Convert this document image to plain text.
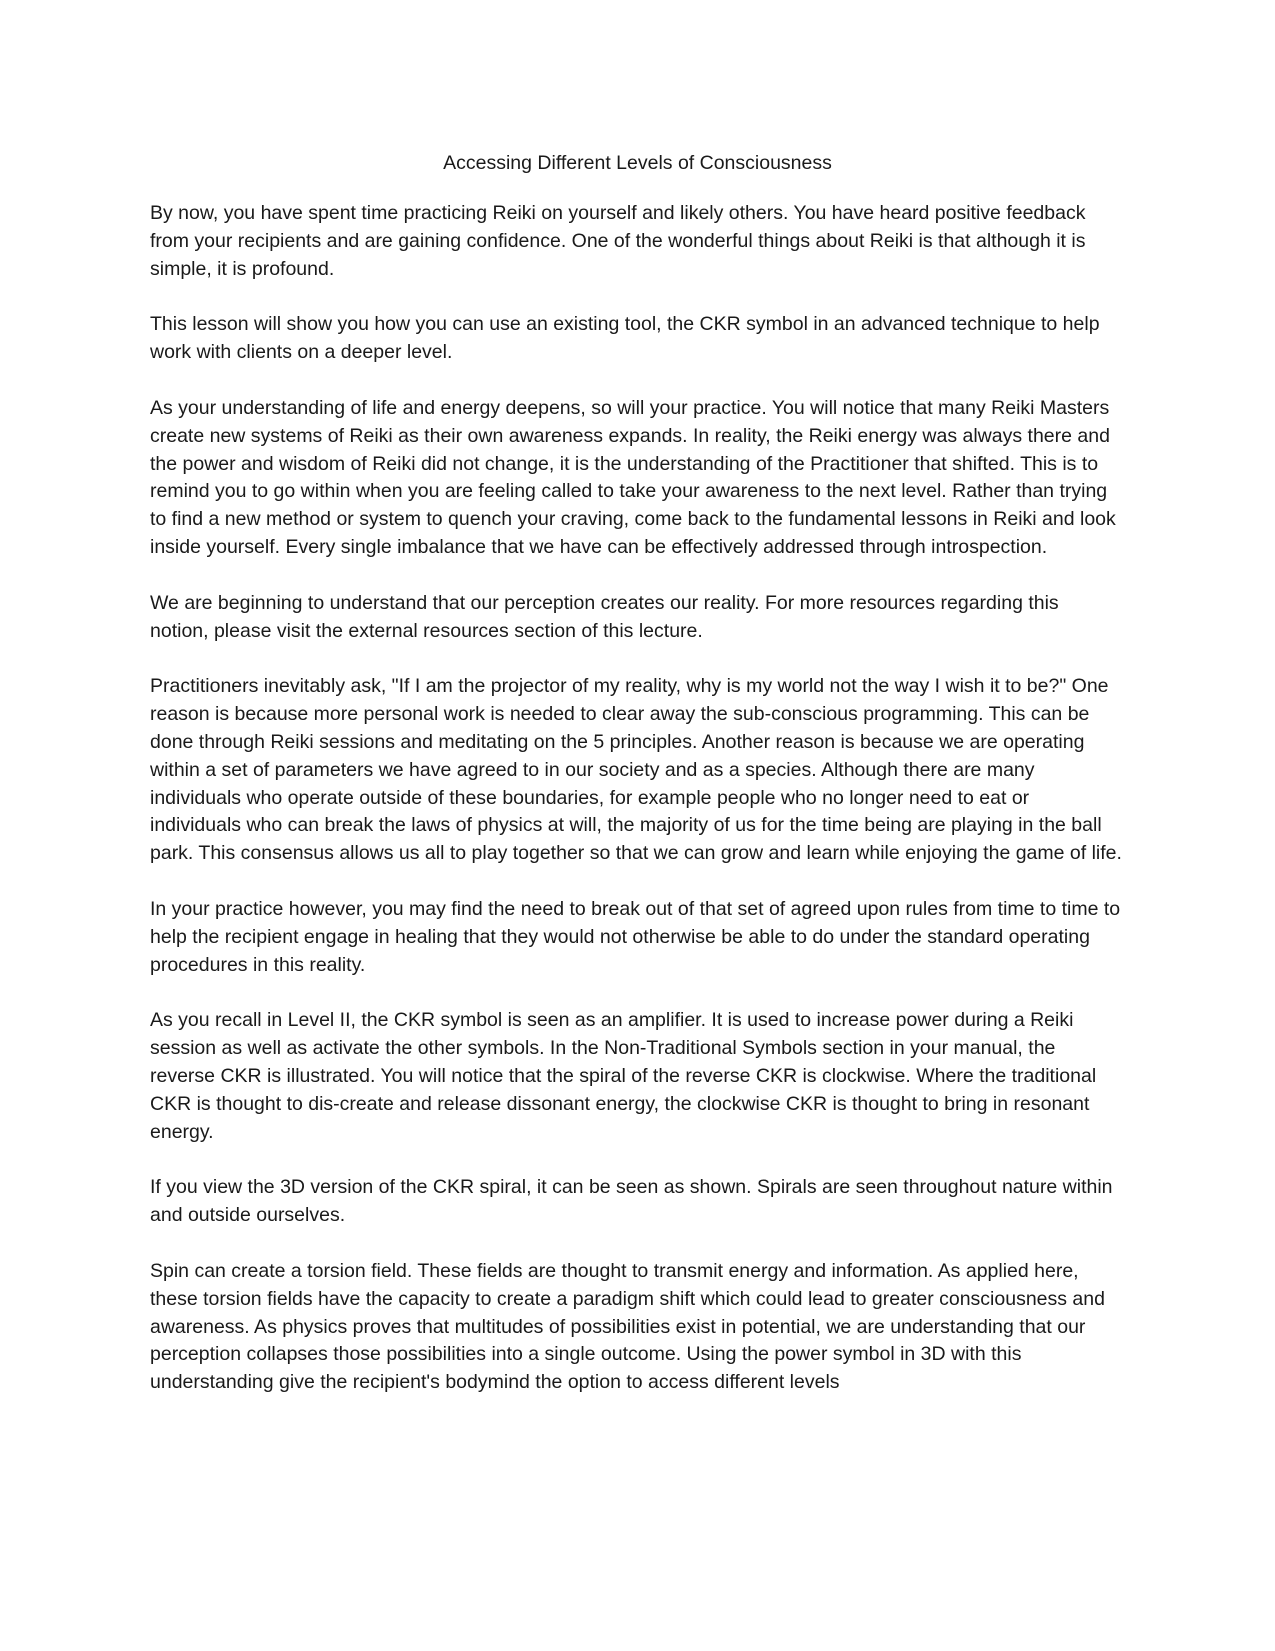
Accessing Different Levels of Consciousness

By now, you have spent time practicing Reiki on yourself and likely others. You have heard positive feedback from your recipients and are gaining confidence. One of the wonderful things about Reiki is that although it is simple, it is profound.

This lesson will show you how you can use an existing tool, the CKR symbol in an advanced technique to help work with clients on a deeper level.

As your understanding of life and energy deepens, so will your practice. You will notice that many Reiki Masters create new systems of Reiki as their own awareness expands. In reality, the Reiki energy was always there and the power and wisdom of Reiki did not change, it is the understanding of the Practitioner that shifted. This is to remind you to go within when you are feeling called to take your awareness to the next level. Rather than trying to find a new method or system to quench your craving, come back to the fundamental lessons in Reiki and look inside yourself. Every single imbalance that we have can be effectively addressed through introspection.

We are beginning to understand that our perception creates our reality. For more resources regarding this notion, please visit the external resources section of this lecture.

Practitioners inevitably ask, "If I am the projector of my reality, why is my world not the way I wish it to be?" One reason is because more personal work is needed to clear away the sub-conscious programming. This can be done through Reiki sessions and meditating on the 5 principles. Another reason is because we are operating within a set of parameters we have agreed to in our society and as a species. Although there are many individuals who operate outside of these boundaries, for example people who no longer need to eat or individuals who can break the laws of physics at will, the majority of us for the time being are playing in the ball park. This consensus allows us all to play together so that we can grow and learn while enjoying the game of life.

In your practice however, you may find the need to break out of that set of agreed upon rules from time to time to help the recipient engage in healing that they would not otherwise be able to do under the standard operating procedures in this reality.

As you recall in Level II, the CKR symbol is seen as an amplifier. It is used to increase power during a Reiki session as well as activate the other symbols. In the Non-Traditional Symbols section in your manual, the reverse CKR is illustrated. You will notice that the spiral of the reverse CKR is clockwise. Where the traditional CKR is thought to dis-create and release dissonant energy, the clockwise CKR is thought to bring in resonant energy.

If you view the 3D version of the CKR spiral, it can be seen as shown. Spirals are seen throughout nature within and outside ourselves.

Spin can create a torsion field. These fields are thought to transmit energy and information. As applied here, these torsion fields have the capacity to create a paradigm shift which could lead to greater consciousness and awareness. As physics proves that multitudes of possibilities exist in potential, we are understanding that our perception collapses those possibilities into a single outcome. Using the power symbol in 3D with this understanding give the recipient's bodymind the option to access different levels
